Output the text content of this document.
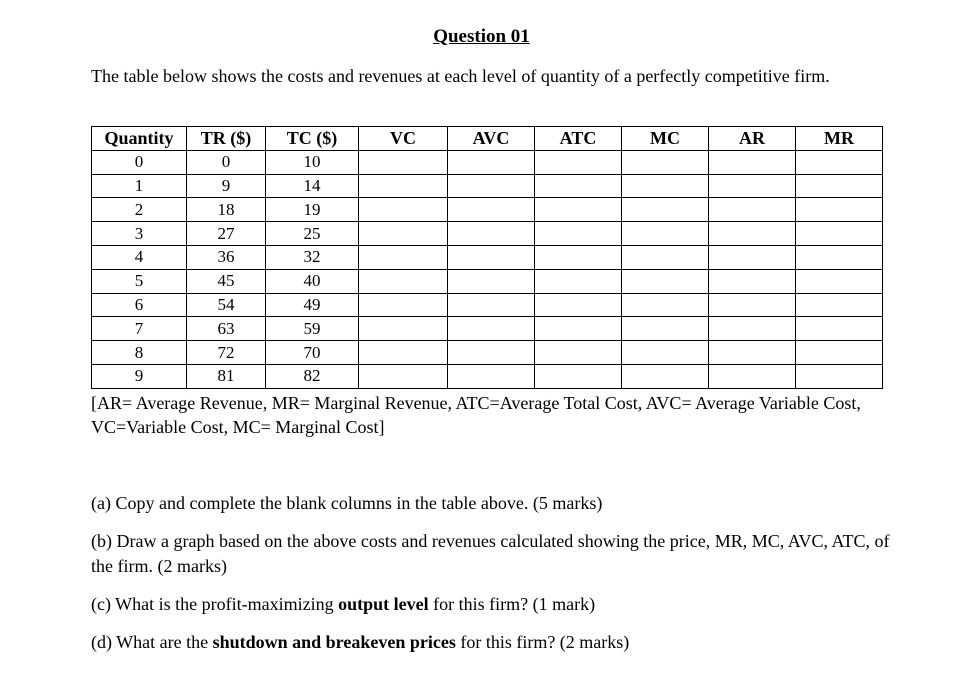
Question 01
The table below shows the costs and revenues at each level of quantity of a perfectly competitive firm.
Quantity	TR ($)	TC ($)	VC	AVC	ATC	MC	AR	MR
0	0	10						
1	9	14						
2	18	19						
3	27	25						
4	36	32						
5	45	40						
6	54	49						
7	63	59						
8	72	70						
9	81	82						
[AR= Average Revenue, MR= Marginal Revenue, ATC=Average Total Cost, AVC= Average Variable Cost, VC=Variable Cost, MC= Marginal Cost]
(a) Copy and complete the blank columns in the table above. (5 marks)
(b) Draw a graph based on the above costs and revenues calculated showing the price, MR, MC, AVC, ATC, of the firm. (2 marks)
(c) What is the profit-maximizing output level for this firm? (1 mark)
(d) What are the shutdown and breakeven prices for this firm? (2 marks)
